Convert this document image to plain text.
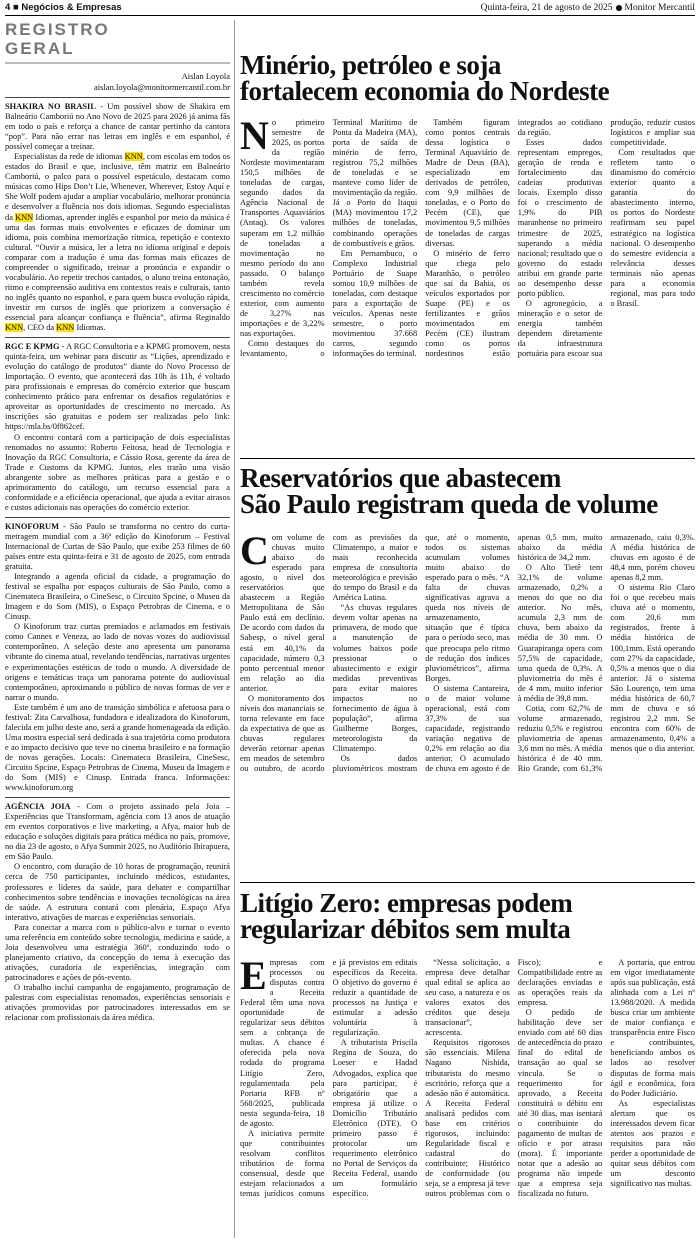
4 ■ Negócios & Empresas	Quinta-feira, 21 de agosto de 2025 Monitor Mercantil
REGISTRO
GERAL
Aislan Loyola
aislan.loyola@monitormercantil.com.br

SHAKIRA NO BRASIL - Um possível show de Shakira em Balneário Camboriú no Ano Novo de 2025 para 2026 já anima fãs em todo o país e reforça a chance de cantar pertinho da cantora “pop”. Para não errar nas letras em inglês e em espanhol, é possível começar a treinar.

Especialistas da rede de idiomas KNN, com escolas em todos os estados do Brasil e que, inclusive, têm matriz em Balneário Camboriú, o palco para o possível espetáculo, destacam como músicas como Hips Don’t Lie, Whenever, Wherever, Estoy Aquí e She Wolf podem ajudar a ampliar vocabulário, melhorar pronúncia e desenvolver a fluência nos dois idiomas. Segundo especialistas da KNN Idiomas, aprender inglês e espanhol por meio da música é uma das formas mais envolventes e eficazes de dominar um idioma, pois combina memorização rítmica, repetição e contexto cultural. “Ouvir a música, ler a letra no idioma original e depois comparar com a tradução é uma das formas mais eficazes de compreender o significado, treinar a pronúncia e expandir o vocabulário. Ao repetir trechos cantados, o aluno treina entonação, ritmo e compreensão auditiva em contextos reais e culturais, tanto no inglês quanto no espanhol, e para quem busca evolução rápida, investir em cursos de inglês que priorizem a conversação é essencial para alcançar confiança e fluência”, afirma Reginaldo KNN, CEO da KNN Idiomas.

RGC E KPMG - A RGC Consultoria e a KPMG promovem, nesta quinta-feira, um webinar para discutir as “Lições, aprendizado e evolução do catálogo de produtos” diante do Novo Processo de Importação. O evento, que acontecerá das 10h às 11h, é voltado para profissionais e empresas do comércio exterior que buscam conhecimento prático para enfrentar os desafios regulatórios e aproveitar as oportunidades de crescimento no mercado. As inscrições são gratuitas e podem ser realizadas pelo link: https://mla.bs/0f862cef.

O encontro contará com a participação de dois especialistas renomados no assunto: Roberto Feitosa, head de Tecnologia e Inovação da RGC Consultoria, e Cássio Rosa, gerente da área de Trade e Customs da KPMG. Juntos, eles trarão uma visão abrangente sobre as melhores práticas para a gestão e o aprimoramento do catálogo, um recurso essencial para a conformidade e a eficiência operacional, que ajuda a evitar atrasos e custos adicionais nas operações do comércio exterior.

KINOFORUM - São Paulo se transforma no centro do curta-metragem mundial com a 36ª edição do Kinoforum – Festival Internacional de Curtas de São Paulo, que exibe 253 filmes de 60 países entre esta quinta-feira e 31 de agosto de 2025, com entrada gratuita.

Integrando a agenda oficial da cidade, a programação do festival se espalha por espaços culturais de São Paulo, como a Cinemateca Brasileira, o CineSesc, o Circuito Spcine, o Museu da Imagem e do Som (MIS), o Espaço Petrobras de Cinema, e o Cinusp.

O Kinoforum traz curtas premiados e aclamados em festivais como Cannes e Veneza, ao lado de novas vozes do audiovisual contemporâneo. A seleção deste ano apresenta um panorama vibrante do cinema atual, revelando tendências, narrativas urgentes e experimentações estéticas de todo o mundo. A diversidade de origens e temáticas traça um panorama potente do audiovisual contemporâneo, aproximando o público de novas formas de ver e narrar o mundo.

Este também é um ano de transição simbólica e afetuosa para o festival: Zita Carvalhosa, fundadora e idealizadora do Kinoforum, falecida em julho deste ano, será a grande homenageada da edição. Uma mostra especial será dedicada à sua trajetória como produtora e ao impacto decisivo que teve no cinema brasileiro e na formação de novas gerações. Locais: Cinemateca Brasileira, CineSesc, Circuito Spcine, Espaço Petrobras de Cinema, Museu da Imagem e do Som (MIS) e Cinusp. Entrada franca. Informações: www.kinoforum.org

AGÊNCIA JOIA - Com o projeto assinado pela Joia – Experiências que Transformam, agência com 13 anos de atuação em eventos corporativos e live marketing, a Afya, maior hub de educação e soluções digitais para prática médica no país, promove, no dia 23 de agosto, o Afya Summit 2025, no Auditório Ibirapuera, em São Paulo.

O encontro, com duração de 10 horas de programação, reunirá cerca de 750 participantes, incluindo médicos, estudantes, professores e líderes da saúde, para debater e compartilhar conhecimentos sobre tendências e inovações tecnológicas na área de saúde. A estrutura contará com plenária, E.spaço Afya interativo, ativações de marcas e experiências sensoriais.

Para conectar a marca com o público-alvo e tornar o evento uma referência em conteúdo sobre tecnologia, medicina e saúde, a Joia desenvolveu uma estratégia 360º, conduzindo todo o planejamento criativo, da concepção do tema à execução das ativações, curadoria de experiências, integração com patrocinadores e ações de pós-evento.

O trabalho incluí campanha de engajamento, programação de palestras com especialistas renomados, experiências sensoriais e ativações promovidas por patrocinadores interessados em se relacionar com profissionais da área médica.

Minério, petróleo e soja
fortalecem economia do Nordeste

No primeiro semestre de 2025, os portos da região Nordeste movimentaram 150,5 milhões de toneladas de cargas, segundo dados da Agência Nacional de Transportes Aquaviários (Antaq). Os valores superam em 1,2 milhão de toneladas a movimentação no mesmo período do ano passado. O balanço também revela crescimento no comércio exterior, com aumento de 3,27% nas importações e de 3,22% nas exportações.

Como destaques do levantamento, o Terminal Marítimo de Ponta da Madeira (MA), porta de saída de minério de ferro, registrou 75,2 milhões de toneladas e se manteve como líder de movimentação da região. Já o Porto do Itaqui (MA) movimentou 17,2 milhões de toneladas, combinando operações de combustíveis e grãos.

Em Pernambuco, o Complexo Industrial Portuário de Suape somou 10,9 milhões de toneladas, com destaque para a exportação de veículos. Apenas neste semestre, o porto movimentou 37.668 carros, segundo informações do terminal.

Também figuram como pontos centrais dessa logística o Terminal Aquaviário de Madre de Deus (BA), especializado em derivados de petróleo, com 9,9 milhões de toneladas, e o Porto do Pecém (CE), que movimentou 9,5 milhões de toneladas de cargas diversas.

O minério de ferro que chega pelo Maranhão, o petróleo que sai da Bahia, os veículos exportados por Suape (PE) e os fertilizantes e grãos movimentados em Pecém (CE) ilustram como os portos nordestinos estão integrados ao cotidiano da região.

Esses dados representam empregos, geração de renda e fortalecimento das cadeias produtivas locais. Exemplo disso foi o crescimento de 1,9% do PIB maranhense no primeiro trimestre de 2025, superando a média nacional; resultado que o governo do estado atribui em grande parte ao desempenho desse porto público.

O agronegócio, a mineração e o setor de energia também dependem diretamente da infraestrutura portuária para escoar sua produção, reduzir custos logísticos e ampliar sua competitividade.

Com resultados que refletem tanto o dinamismo do comércio exterior quanto a garantia do abastecimento interno, os portos do Nordeste reafirmam seu papel estratégico na logística nacional. O desempenho do semestre evidencia a relevância desses terminais não apenas para a economia regional, mas para todo o Brasil.

Reservatórios que abastecem
São Paulo registram queda de volume

Com volume de chuvas muito abaixo do esperado para agosto, o nível dos reservatórios que abastecem a Região Metropolitana de São Paulo está em declínio. De acordo com dados da Sabesp, o nível geral está em 40,1% da capacidade, número 0,3 ponto percentual menor em relação ao dia anterior.

O monitoramento dos níveis dos mananciais se torna relevante em face da expectativa de que as chuvas regulares deverão retornar apenas em meados de setembro ou outubro, de acordo com as previsões da Climatempo, a maior e mais reconhecida empresa de consultoria meteorológica e previsão do tempo do Brasil e da América Latina.

“As chuvas regulares devem voltar apenas na primavera, de modo que a manutenção de volumes baixos pode pressionar o abastecimento e exigir medidas preventivas para evitar maiores impactos no fornecimento de água à população”, afirma Guilherme Borges, meteorologista da Climatempo.

Os dados pluviométricos mostram que, até o momento, todos os sistemas acumulam volumes muito abaixo do esperado para o mês. “A falta de chuvas significativas agrava a queda nos níveis de armazenamento, situação que é típica para o período seco, mas que preocupa pelo ritmo de redução dos índices pluviométricos”, afirma Borges.

O sistema Cantareira, o de maior volume operacional, está com 37,3% de sua capacidade, registrando variação negativa de 0,2% em relação ao dia anterior. O acumulado de chuva em agosto é de apenas 0,5 mm, muito abaixo da média histórica de 34,2 mm.

O Alto Tietê tem 32,1% de volume armazenado, 0,2% a menos do que no dia anterior. No mês, acumula 2,3 mm de chuva, bem abaixo da média de 30 mm. O Guarapiranga opera com 57,5% de capacidade, uma queda de 0,3%. A pluviometria do mês é de 4 mm, muito inferior à média de 39,8 mm.

Cotia, com 62,7% de volume armazenado, reduziu 0,5% e registrou pluviometria de apenas 3,6 mm no mês. A média histórica é de 40 mm. Rio Grande, com 61,3% armazenado, caiu 0,3%. A média histórica de chuvas em agosto é de 48,4 mm, porém choveu apenas 8,2 mm.

O sistema Rio Claro foi o que recebeu mais chuva até o momento, com 20,6 mm registrados, frente à média histórica de 100,1mm. Está operando com 27% da capacidade, 0,5% a menos que o dia anterior. Já o sistema São Lourenço, tem uma média histórica de 60,7 mm de chuva e só registrou 2,2 mm. Se encontra com 60% de armazenamento, 0,4% a menos que o dia anterior.

Litígio Zero: empresas podem
regularizar débitos sem multa

Empresas com processos ou disputas contra a Receita Federal têm uma nova oportunidade de regularizar seus débitos sem a cobrança de multas. A chance é oferecida pela nova rodada do programa Litígio Zero, regulamentada pela Portaria RFB nº 568/2025, publicada nesta segunda-feira, 18 de agosto.

A iniciativa permite que contribuintes resolvam conflitos tributários de forma consensual, desde que estejam relacionados a temas jurídicos comuns e já previstos em editais específicos da Receita. O objetivo do governo é reduzir a quantidade de processos na Justiça e estimular a adesão voluntária à regularização.

A tributarista Priscila Regina de Souza, do Loeser e Hadad Advogados, explica que para participar, é obrigatório que a empresa já utilize o Domicílio Tributário Eletrônico (DTE). O primeiro passo é protocolar um requerimento eletrônico no Portal de Serviços da Receita Federal, usando um formulário específico.

“Nessa solicitação, a empresa deve detalhar qual edital se aplica ao seu caso, a natureza e os valores exatos dos créditos que deseja transacionar”, acrescenta.

Requisitos rigorosos são essenciais. Milena Nagano Nishida, tributarista do mesmo escritório, reforça que a adesão não é automática. A Receita Federal analisará pedidos com base em critérios rigorosos, incluindo: Regularidade fiscal e cadastral do contribuinte; Histórico de conformidade (ou seja, se a empresa já teve outros problemas com o Fisco); e Compatibilidade entre as declarações enviadas e as operações reais da empresa.

O pedido de habilitação deve ser enviado com até 60 dias de antecedência do prazo final do edital de transação ao qual se vincula. Se o requerimento for aprovado, a Receita constituirá o débito em até 30 dias, mas isentará o contribuinte do pagamento de multas de ofício e por atraso (mora). É importante notar que a adesão ao programa não impede que a empresa seja fiscalizada no futuro.

A portaria, que entrou em vigor imediatamente após sua publicação, está alinhada com a Lei nº 13.988/2020. A medida busca criar um ambiente de maior confiança e transparência entre Fisco e contribuintes, beneficiando ambos os lados ao resolver disputas de forma mais ágil e econômica, fora do Poder Judiciário.

As especialistas alertam que os interessados devem ficar atentos aos prazos e requisitos para não perder a oportunidade de quitar seus débitos com um desconto significativo nas multas.
